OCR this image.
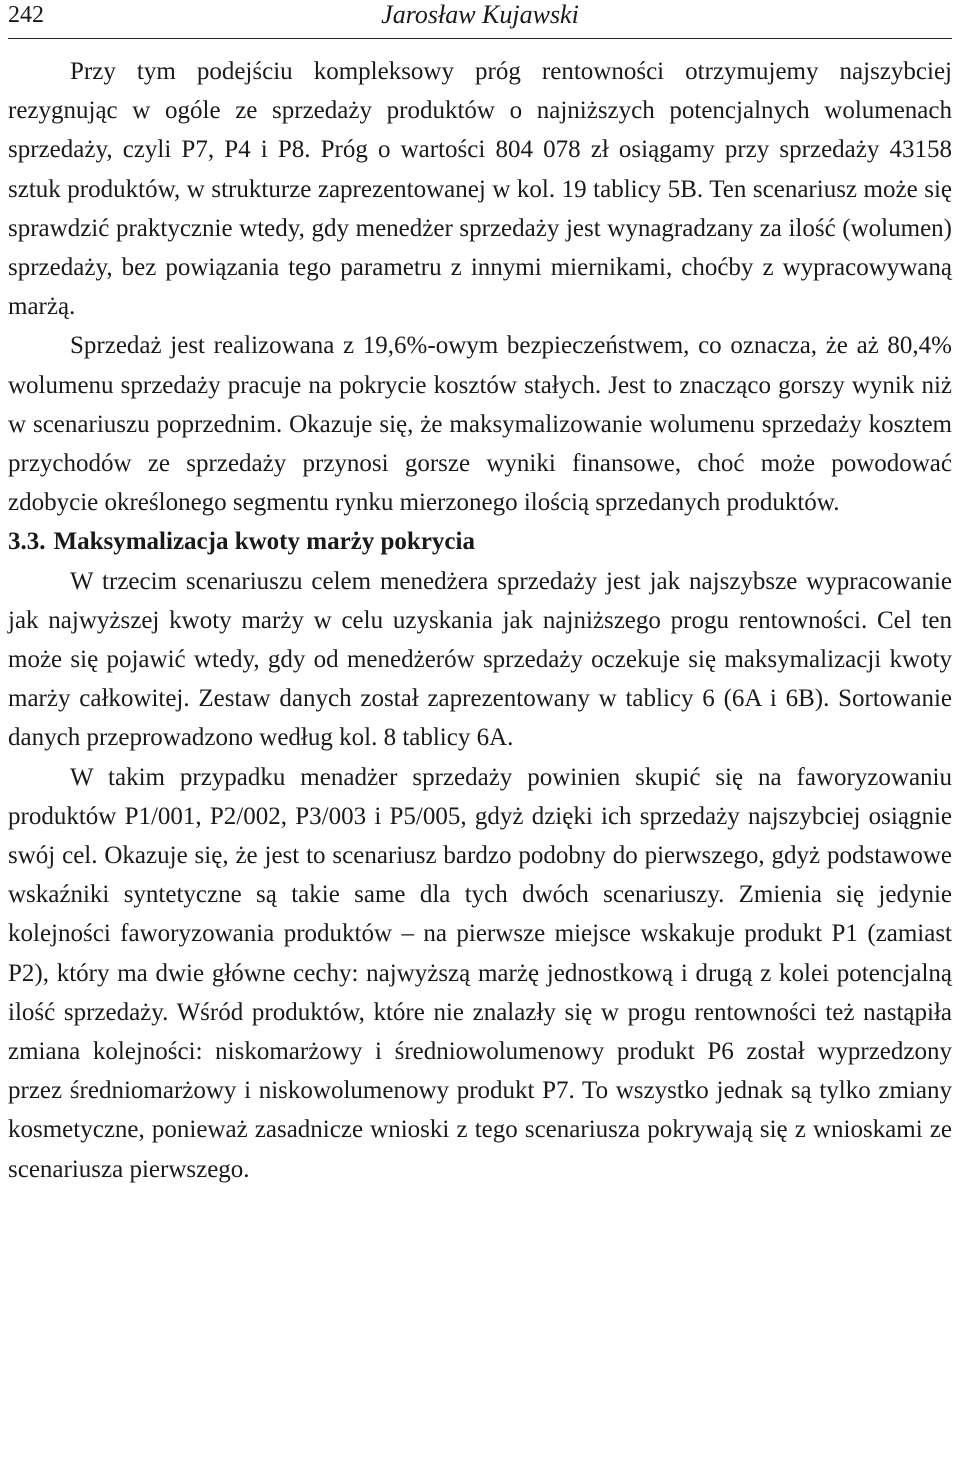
242	Jarosław Kujawski

Przy tym podejściu kompleksowy próg rentowności otrzymujemy najszybciej rezygnując w ogóle ze sprzedaży produktów o najniższych potencjalnych wolumenach sprzedaży, czyli P7, P4 i P8. Próg o wartości 804 078 zł osiągamy przy sprzedaży 43158 sztuk produktów, w strukturze zaprezentowanej w kol. 19 tablicy 5B. Ten scenariusz może się sprawdzić praktycznie wtedy, gdy menedżer sprzedaży jest wynagradzany za ilość (wolumen) sprzedaży, bez powiązania tego parametru z innymi miernikami, choćby z wypracowywaną marżą.

Sprzedaż jest realizowana z 19,6%-owym bezpieczeństwem, co oznacza, że aż 80,4% wolumenu sprzedaży pracuje na pokrycie kosztów stałych. Jest to znacząco gorszy wynik niż w scenariuszu poprzednim. Okazuje się, że maksymalizowanie wolumenu sprzedaży kosztem przychodów ze sprzedaży przynosi gorsze wyniki finansowe, choć może powodować zdobycie określonego segmentu rynku mierzonego ilością sprzedanych produktów.

3.3. Maksymalizacja kwoty marży pokrycia

W trzecim scenariuszu celem menedżera sprzedaży jest jak najszybsze wypracowanie jak najwyższej kwoty marży w celu uzyskania jak najniższego progu rentowności. Cel ten może się pojawić wtedy, gdy od menedżerów sprzedaży oczekuje się maksymalizacji kwoty marży całkowitej. Zestaw danych został zaprezentowany w tablicy 6 (6A i 6B). Sortowanie danych przeprowadzono według kol. 8 tablicy 6A.

W takim przypadku menadżer sprzedaży powinien skupić się na faworyzowaniu produktów P1/001, P2/002, P3/003 i P5/005, gdyż dzięki ich sprzedaży najszybciej osiągnie swój cel. Okazuje się, że jest to scenariusz bardzo podobny do pierwszego, gdyż podstawowe wskaźniki syntetyczne są takie same dla tych dwóch scenariuszy. Zmienia się jedynie kolejności faworyzowania produktów – na pierwsze miejsce wskakuje produkt P1 (zamiast P2), który ma dwie główne cechy: najwyższą marżę jednostkową i drugą z kolei potencjalną ilość sprzedaży. Wśród produktów, które nie znalazły się w progu rentowności też nastąpiła zmiana kolejności: niskomarżowy i średniowolumenowy produkt P6 został wyprzedzony przez średniomarżowy i niskowolumenowy produkt P7. To wszystko jednak są tylko zmiany kosmetyczne, ponieważ zasadnicze wnioski z tego scenariusza pokrywają się z wnioskami ze scenariusza pierwszego.
